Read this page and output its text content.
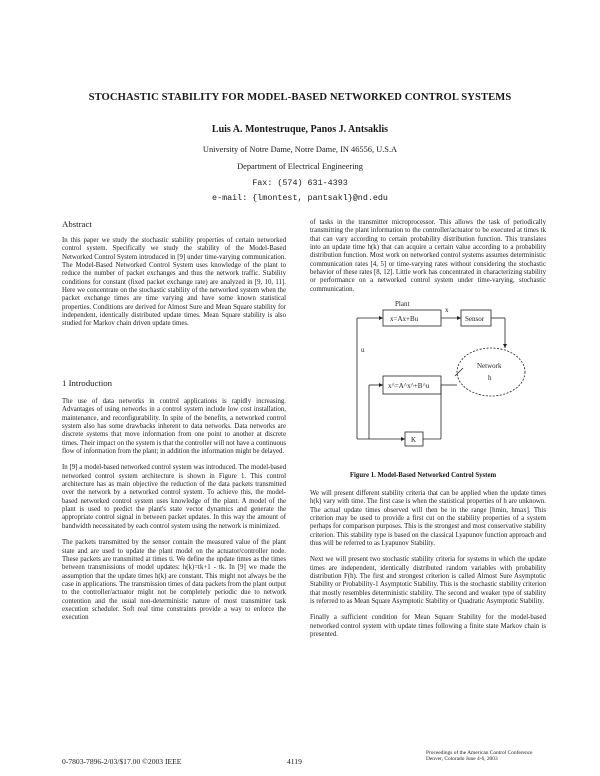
STOCHASTIC STABILITY FOR MODEL-BASED NETWORKED CONTROL SYSTEMS
Luis A. Montestruque, Panos J. Antsaklis
University of Notre Dame, Notre Dame, IN 46556, U.S.A
Department of Electrical Engineering
Fax: (574) 631-4393
e-mail: {lmontest, pantsakl}@nd.edu
Abstract

In this paper we study the stochastic stability properties of certain networked control system. Specifically we study the stability of the Model-Based Networked Control System introduced in [9] under time-varying communication. The Model-Based Networked Control System uses knowledge of the plant to reduce the number of packet exchanges and thus the network traffic. Stability conditions for constant (fixed packet exchange rate) are analyzed in [9, 10, 11]. Here we concentrate on the stochastic stability of the networked system when the packet exchange times are time varying and have some known statistical properties. Conditions are derived for Almost Sure and Mean Square stability for independent, identically distributed update times. Mean Square stability is also studied for Markov chain driven update times.

1 Introduction

The use of data networks in control applications is rapidly increasing. Advantages of using networks in a control system include low cost installation, maintenance, and reconfigurability. In spite of the benefits, a networked control system also has some drawbacks inherent to data networks. Data networks are discrete systems that move information from one point to another at discrete times. Their impact on the system is that the controller will not have a continuous flow of information from the plant; in addition the information might be delayed.

In [9] a model-based networked control system was introduced. The model-based networked control system architecture is shown in Figure 1. This control architecture has as main objective the reduction of the data packets transmitted over the network by a networked control system. To achieve this, the model-based networked control system uses knowledge of the plant. A model of the plant is used to predict the plant's state vector dynamics and generate the appropriate control signal in between packet updates. In this way the amount of bandwidth necessitated by each control system using the network is minimized.

The packets transmitted by the sensor contain the measured value of the plant state and are used to update the plant model on the actuator/controller node. These packets are transmitted at times ti. We define the update times as the times between transmissions of model updates: h(k)=tk+1 - tk. In [9] we made the assumption that the update times h(k) are constant. This might not always be the case in applications. The transmission times of data packets from the plant output to the controller/actuator might not be completely periodic due to network contention and the usual non-deterministic nature of most transmitter task execution scheduler. Soft real time constraints provide a way to enforce the execution

of tasks in the transmitter microprocessor. This allows the task of periodically transmitting the plant information to the controller/actuator to be executed at times tk that can vary according to certain probability distribution function. This translates into an update time h(k) that can acquire a certain value according to a probability distribution function. Most work on networked control systems assumes deterministic communication rates [4, 5] or time-varying rates without considering the stochastic behavior of these rates [8, 12]. Little work has concentrated in characterizing stability or performance on a networked control system under time-varying, stochastic communication.

Plant
x=Ax+Bu	Sensor
x^=A^x^+B^u
Network
h
K
u
x
Figure 1. Model-Based Networked Control System

We will present different stability criteria that can be applied when the update times h(k) vary with time. The first case is when the statistical properties of h are unknown. The actual update times observed will then be in the range [hmin, hmax]. This criterion may be used to provide a first cut on the stability properties of a system perhaps for comparison purposes. This is the strongest and most conservative stability criterion. This stability type is based on the classical Lyapunov function approach and thus will be referred to as Lyapunov Stability.

Next we will present two stochastic stability criteria for systems in which the update times are independent, identically distributed random variables with probability distribution F(h). The first and strongest criterion is called Almost Sure Asymptotic Stability or Probability-1 Asymptotic Stability. This is the stochastic stability criterion that mostly resembles deterministic stability. The second and weaker type of stability is referred to as Mean Square Asymptotic Stability or Quadratic Asymptotic Stability.

Finally a sufficient condition for Mean Square Stability for the model-based networked control system with update times following a finite state Markov chain is presented.

0-7803-7896-2/03/$17.00 ©2003 IEEE	4119
Proceedings of the American Control Conference
Denver, Colorado June 4-6, 2003
